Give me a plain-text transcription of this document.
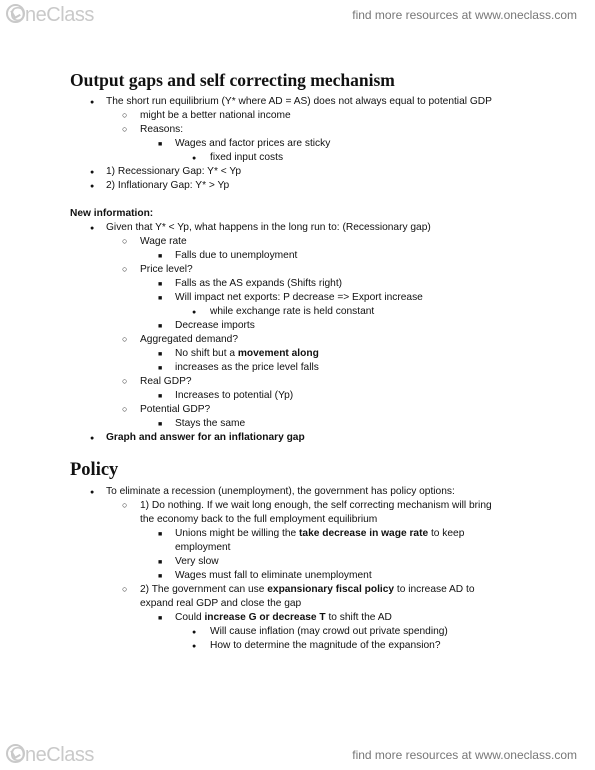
OneClass	find more resources at www.oneclass.com
Output gaps and self correcting mechanism
●
The short run equilibrium (Y* where AD = AS) does not always equal to potential GDP
○
might be a better national income
○
Reasons:
■
Wages and factor prices are sticky
●
fixed input costs
●
1) Recessionary Gap: Y* < Yp
●
2) Inflationary Gap: Y* > Yp
New information:
●
Given that Y* < Yp, what happens in the long run to: (Recessionary gap)
○
Wage rate
■
Falls due to unemployment
○
Price level?
■
Falls as the AS expands (Shifts right)
■
Will impact net exports: P decrease => Export increase
●
while exchange rate is held constant
■
Decrease imports
○
Aggregated demand?
■
No shift but a movement along
■
increases as the price level falls
○
Real GDP?
■
Increases to potential (Yp)
○
Potential GDP?
■
Stays the same
●
Graph and answer for an inflationary gap
Policy
●
To eliminate a recession (unemployment), the government has policy options:
○
1) Do nothing. If we wait long enough, the self correcting mechanism will bring
the economy back to the full employment equilibrium
■
Unions might be willing the take decrease in wage rate to keep
employment
■
Very slow
■
Wages must fall to eliminate unemployment
○
2) The government can use expansionary fiscal policy to increase AD to
expand real GDP and close the gap
■
Could increase G or decrease T to shift the AD
●
Will cause inflation (may crowd out private spending)
●
How to determine the magnitude of the expansion?
OneClass	find more resources at www.oneclass.com
